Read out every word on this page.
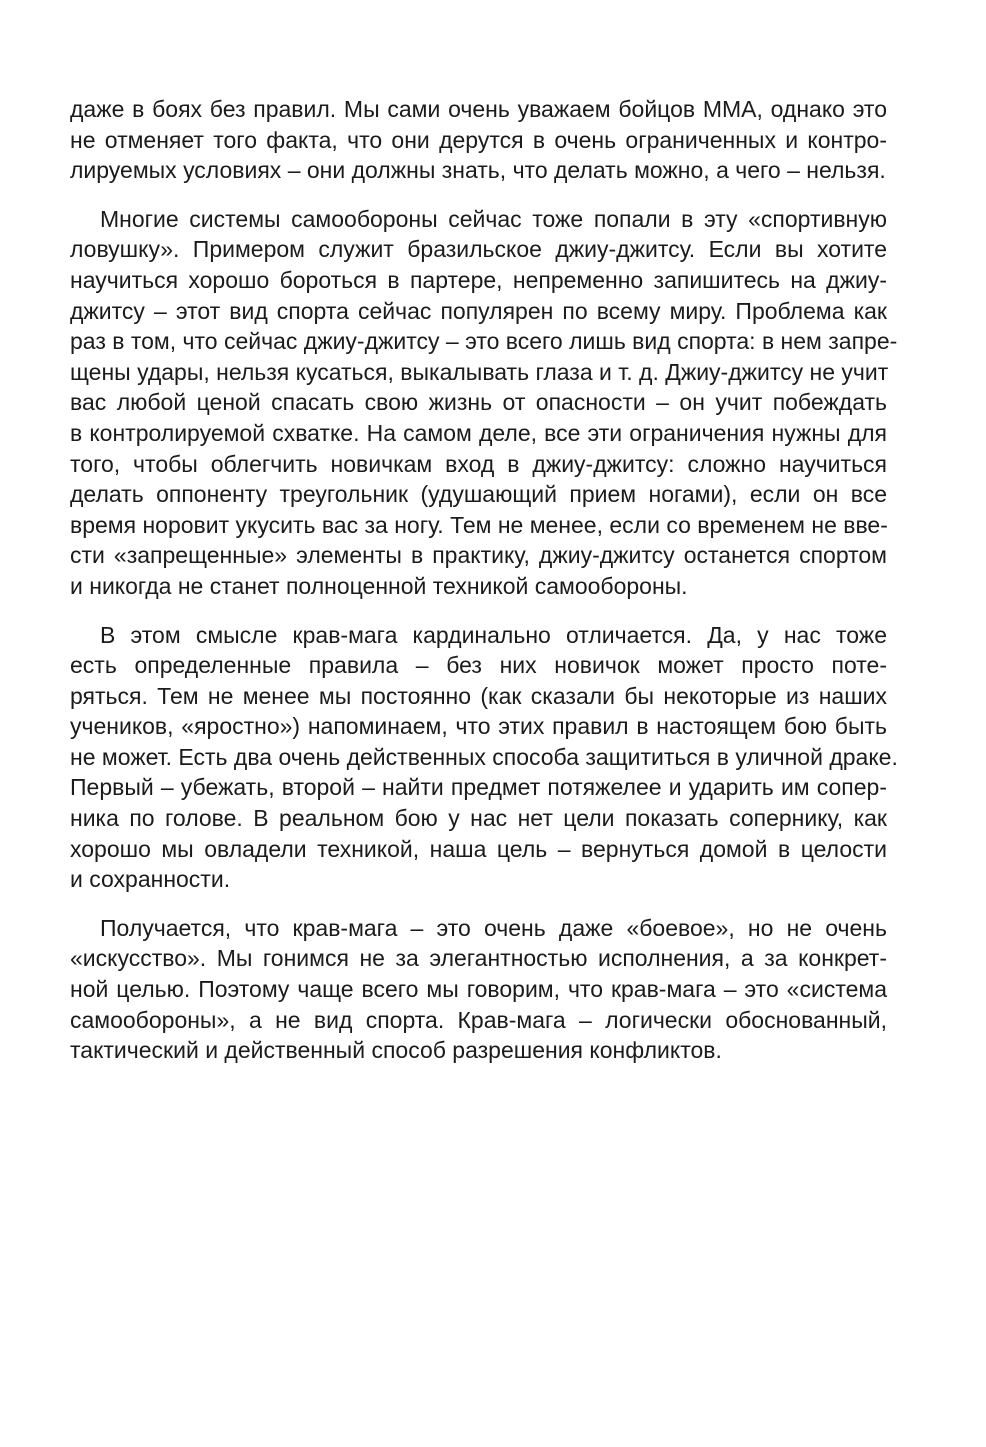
даже в боях без правил. Мы сами очень уважаем бойцов ММА, однако это
не отменяет того факта, что они дерутся в очень ограниченных и контро-
лируемых условиях – они должны знать, что делать можно, а чего – нельзя.

Многие системы самообороны сейчас тоже попали в эту «спортивную
ловушку». Примером служит бразильское джиу-джитсу. Если вы хотите
научиться хорошо бороться в партере, непременно запишитесь на джиу-
джитсу – этот вид спорта сейчас популярен по всему миру. Проблема как
раз в том, что сейчас джиу-джитсу – это всего лишь вид спорта: в нем запре-
щены удары, нельзя кусаться, выкалывать глаза и т. д. Джиу-джитсу не учит
вас любой ценой спасать свою жизнь от опасности – он учит побеждать
в контролируемой схватке. На самом деле, все эти ограничения нужны для
того, чтобы облегчить новичкам вход в джиу-джитсу: сложно научиться
делать оппоненту треугольник (удушающий прием ногами), если он все
время норовит укусить вас за ногу. Тем не менее, если со временем не вве-
сти «запрещенные» элементы в практику, джиу-джитсу останется спортом
и никогда не станет полноценной техникой самообороны.

В этом смысле крав-мага кардинально отличается. Да, у нас тоже
есть определенные правила – без них новичок может просто поте-
ряться. Тем не менее мы постоянно (как сказали бы некоторые из наших
учеников, «яростно») напоминаем, что этих правил в настоящем бою быть
не может. Есть два очень действенных способа защититься в уличной драке.
Первый – убежать, второй – найти предмет потяжелее и ударить им сопер-
ника по голове. В реальном бою у нас нет цели показать сопернику, как
хорошо мы овладели техникой, наша цель – вернуться домой в целости
и сохранности.

Получается, что крав-мага – это очень даже «боевое», но не очень
«искусство». Мы гонимся не за элегантностью исполнения, а за конкрет-
ной целью. Поэтому чаще всего мы говорим, что крав-мага – это «система
самообороны», а не вид спорта. Крав-мага – логически обоснованный,
тактический и действенный способ разрешения конфликтов.
